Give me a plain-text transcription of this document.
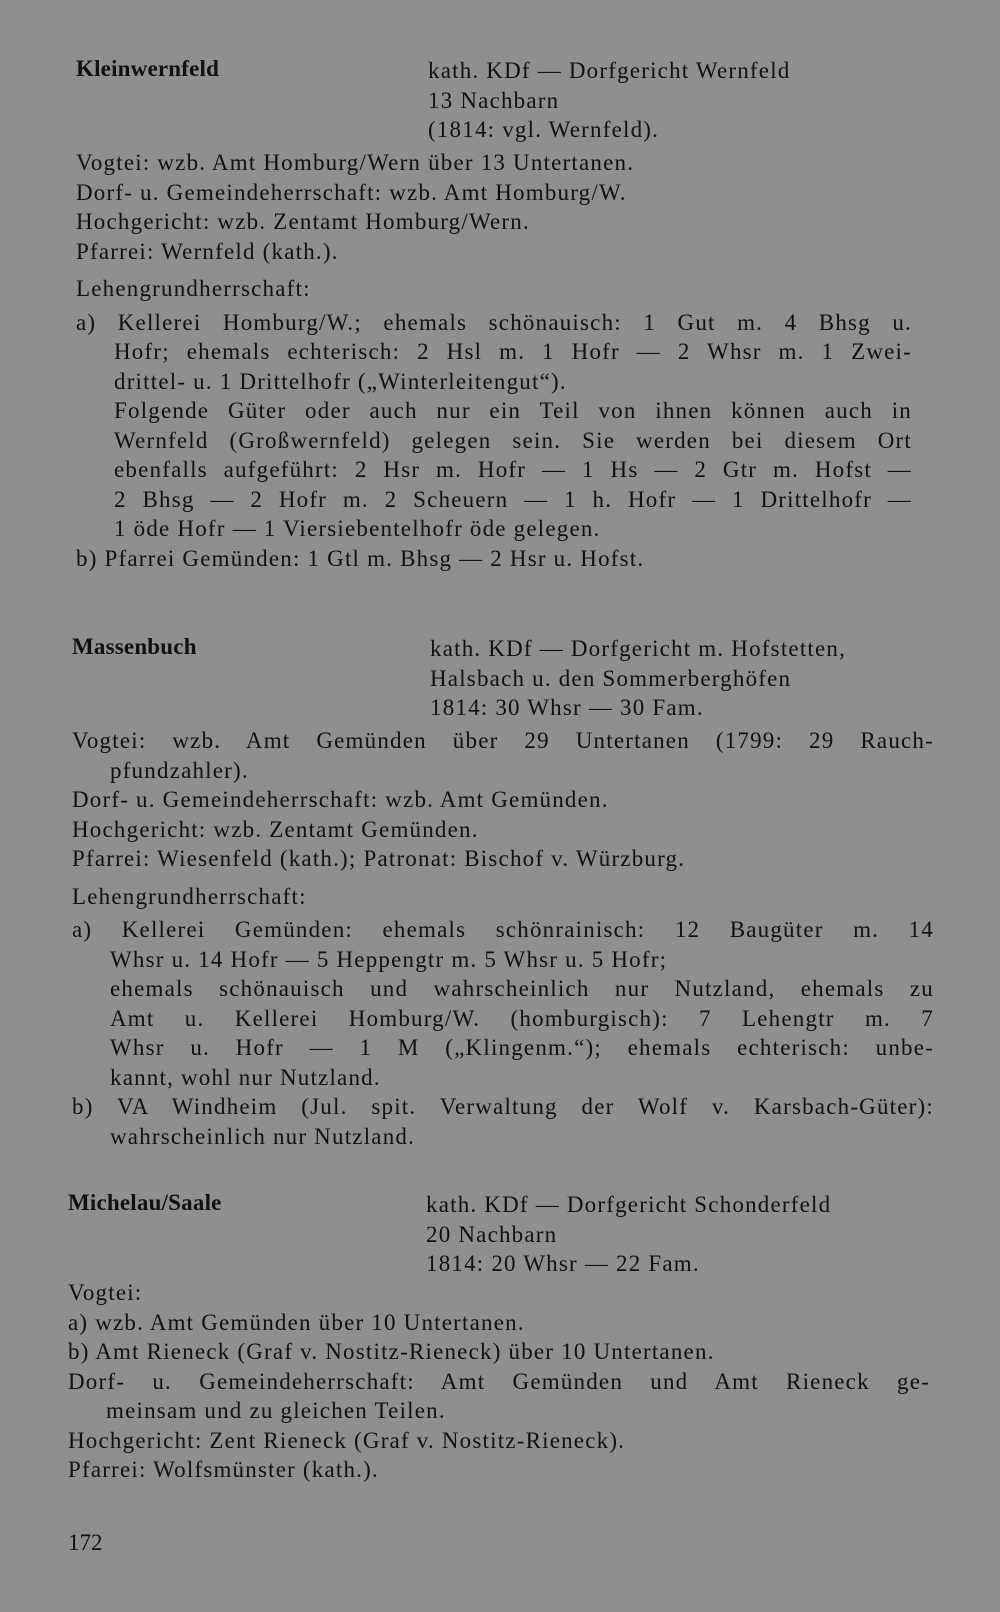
Kleinwernfeld	kath. KDf — Dorfgericht Wernfeld
13 Nachbarn
(1814: vgl. Wernfeld).
Vogtei: wzb. Amt Homburg/Wern über 13 Untertanen.
Dorf- u. Gemeindeherrschaft: wzb. Amt Homburg/W.
Hochgericht: wzb. Zentamt Homburg/Wern.
Pfarrei: Wernfeld (kath.).
Lehengrundherrschaft:
a) Kellerei Homburg/W.; ehemals schönauisch: 1 Gut m. 4 Bhsg u.
Hofr; ehemals echterisch: 2 Hsl m. 1 Hofr — 2 Whsr m. 1 Zwei-
drittel- u. 1 Drittelhofr („Winterleitengut“).
Folgende Güter oder auch nur ein Teil von ihnen können auch in
Wernfeld (Großwernfeld) gelegen sein. Sie werden bei diesem Ort
ebenfalls aufgeführt: 2 Hsr m. Hofr — 1 Hs — 2 Gtr m. Hofst —
2 Bhsg — 2 Hofr m. 2 Scheuern — 1 h. Hofr — 1 Drittelhofr —
1 öde Hofr — 1 Viersiebentelhofr öde gelegen.
b) Pfarrei Gemünden: 1 Gtl m. Bhsg — 2 Hsr u. Hofst.
Massenbuch	kath. KDf — Dorfgericht m. Hofstetten,
Halsbach u. den Sommerberghöfen
1814: 30 Whsr — 30 Fam.
Vogtei: wzb. Amt Gemünden über 29 Untertanen (1799: 29 Rauch-
pfundzahler).
Dorf- u. Gemeindeherrschaft: wzb. Amt Gemünden.
Hochgericht: wzb. Zentamt Gemünden.
Pfarrei: Wiesenfeld (kath.); Patronat: Bischof v. Würzburg.
Lehengrundherrschaft:
a) Kellerei Gemünden: ehemals schönrainisch: 12 Baugüter m. 14
Whsr u. 14 Hofr — 5 Heppengtr m. 5 Whsr u. 5 Hofr;
ehemals schönauisch und wahrscheinlich nur Nutzland, ehemals zu
Amt u. Kellerei Homburg/W. (homburgisch): 7 Lehengtr m. 7
Whsr u. Hofr — 1 M („Klingenm.“); ehemals echterisch: unbe-
kannt, wohl nur Nutzland.
b) VA Windheim (Jul. spit. Verwaltung der Wolf v. Karsbach-Güter):
wahrscheinlich nur Nutzland.
Michelau/Saale	kath. KDf — Dorfgericht Schonderfeld
20 Nachbarn
1814: 20 Whsr — 22 Fam.
Vogtei:
a) wzb. Amt Gemünden über 10 Untertanen.
b) Amt Rieneck (Graf v. Nostitz-Rieneck) über 10 Untertanen.
Dorf- u. Gemeindeherrschaft: Amt Gemünden und Amt Rieneck ge-
meinsam und zu gleichen Teilen.
Hochgericht: Zent Rieneck (Graf v. Nostitz-Rieneck).
Pfarrei: Wolfsmünster (kath.).
172
